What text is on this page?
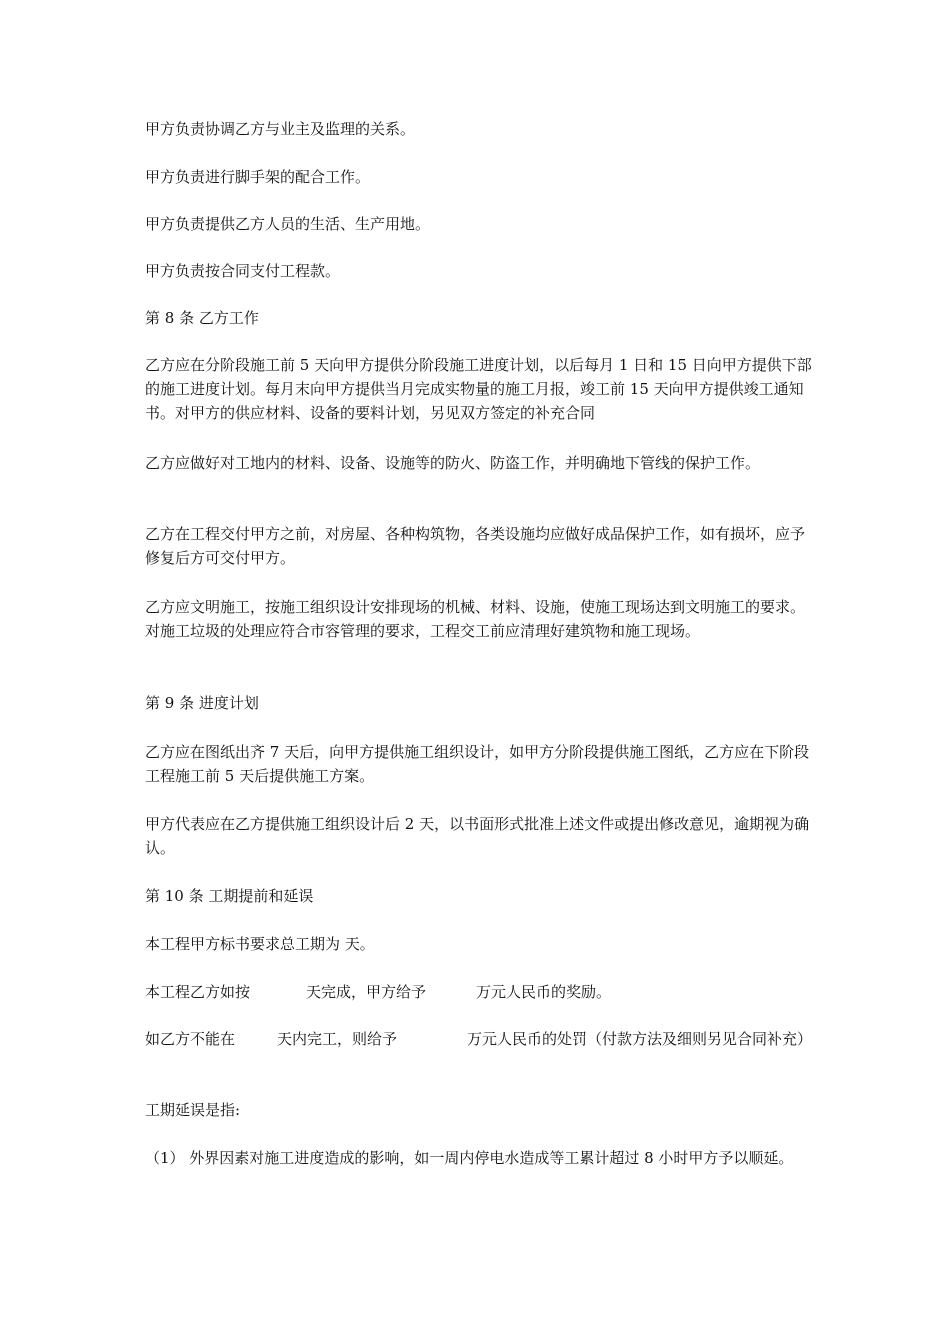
甲方负责协调乙方与业主及监理的关系。

甲方负责进行脚手架的配合工作。

甲方负责提供乙方人员的生活、生产用地。

甲方负责按合同支付工程款。

第 8 条 乙方工作

乙方应在分阶段施工前 5 天向甲方提供分阶段施工进度计划，以后每月 1 日和 15 日向甲方提供下部的施工进度计划。每月末向甲方提供当月完成实物量的施工月报，竣工前 15 天向甲方提供竣工通知书。对甲方的供应材料、设备的要料计划，另见双方签定的补充合同

乙方应做好对工地内的材料、设备、设施等的防火、防盗工作，并明确地下管线的保护工作。

乙方在工程交付甲方之前，对房屋、各种构筑物，各类设施均应做好成品保护工作，如有损坏，应予修复后方可交付甲方。

乙方应文明施工，按施工组织设计安排现场的机械、材料、设施，使施工现场达到文明施工的要求。对施工垃圾的处理应符合市容管理的要求，工程交工前应清理好建筑物和施工现场。

第 9 条 进度计划

乙方应在图纸出齐 7 天后，向甲方提供施工组织设计，如甲方分阶段提供施工图纸，乙方应在下阶段工程施工前 5 天后提供施工方案。

甲方代表应在乙方提供施工组织设计后 2 天，以书面形式批准上述文件或提出修改意见，逾期视为确认。

第 10 条 工期提前和延误

本工程甲方标书要求总工期为 天。

本工程乙方如按	天完成，甲方给予	万元人民币的奖励。

如乙方不能在	天内完工，则给予	万元人民币的处罚（付款方法及细则另见合同补充）

工期延误是指:

（1） 外界因素对施工进度造成的影响，如一周内停电水造成等工累计超过 8 小时甲方予以顺延。
